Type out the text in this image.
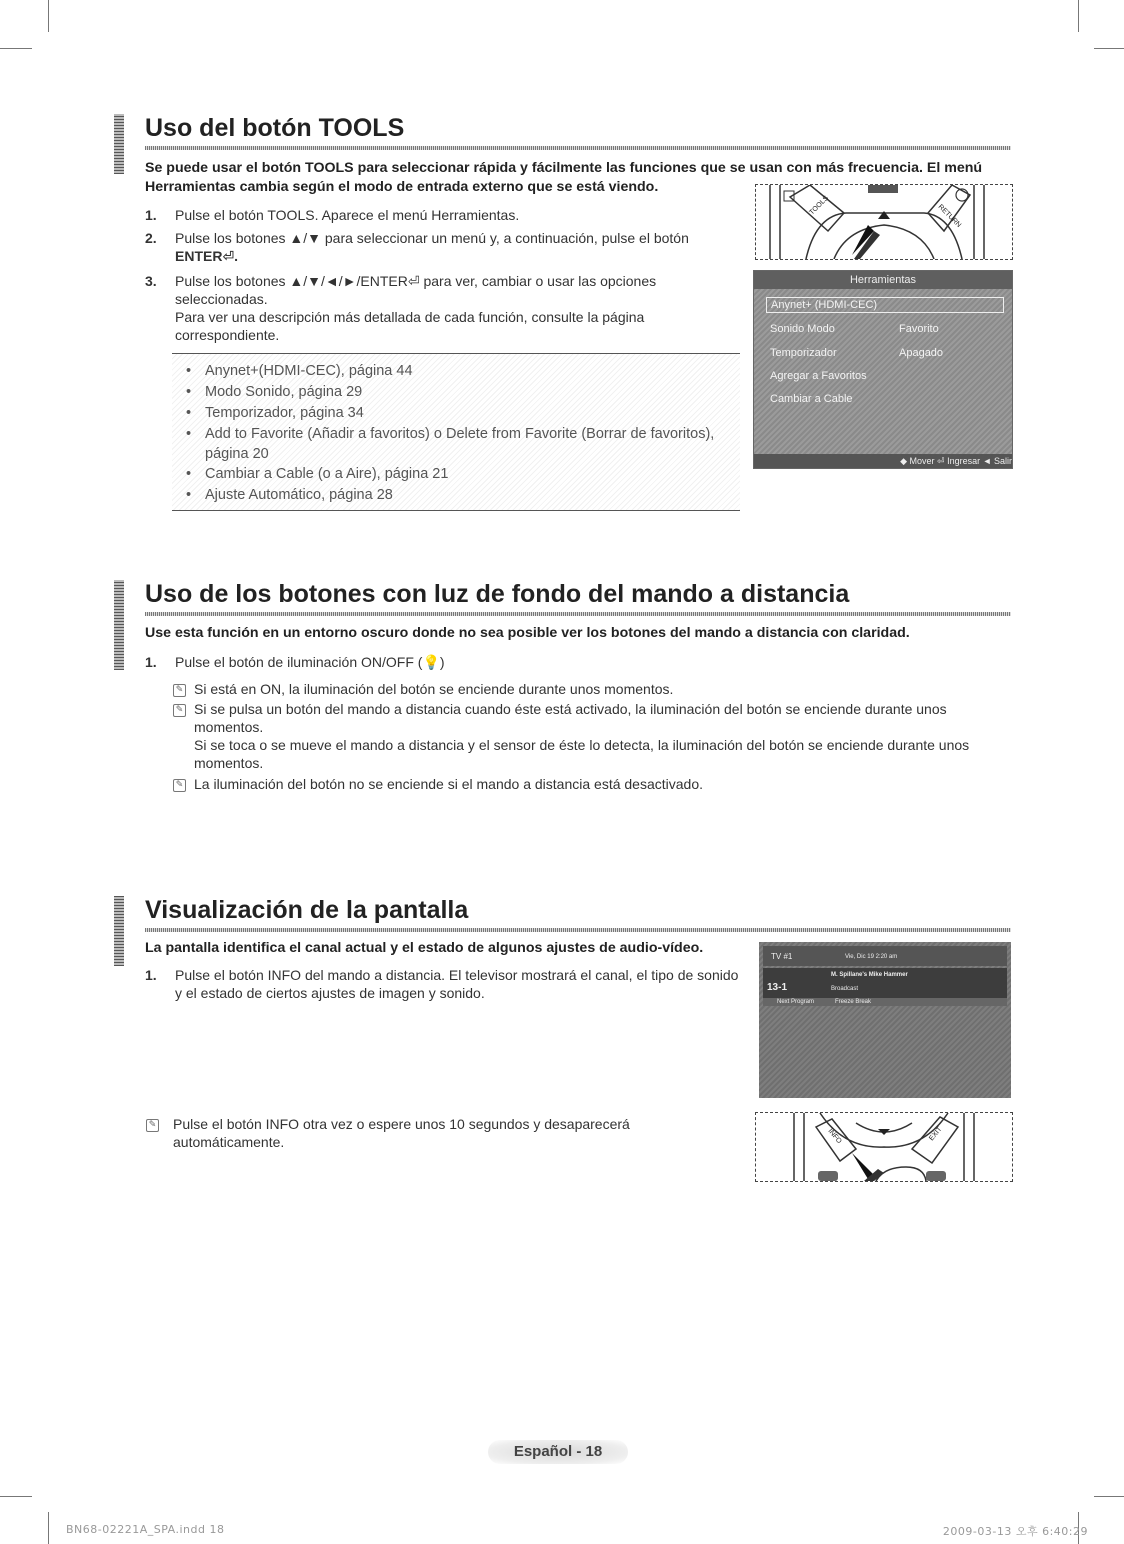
Uso del botón TOOLS
Se puede usar el botón TOOLS para seleccionar rápida y fácilmente las funciones que se usan con más frecuencia. El menú
Herramientas cambia según el modo de entrada externo que se está viendo.
1. Pulse el botón TOOLS. Aparece el menú Herramientas.
2. Pulse los botones ▲/▼ para seleccionar un menú y, a continuación, pulse el botón
ENTER⏎.
3. Pulse los botones ▲/▼/◄/►/ENTER⏎ para ver, cambiar o usar las opciones
seleccionadas.
Para ver una descripción más detallada de cada función, consulte la página
correspondiente.
• Anynet+(HDMI-CEC), página 44
• Modo Sonido, página 29
• Temporizador, página 34
• Add to Favorite (Añadir a favoritos) o Delete from Favorite (Borrar de favoritos), página 20
• Cambiar a Cable (o a Aire), página 21
• Ajuste Automático, página 28
TOOLS	RETURN
Herramientas
Anynet+ (HDMI-CEC)
Sonido Modo	Favorito
Temporizador	Apagado
Agregar a Favoritos
Cambiar a Cable
◆ Mover ⏎ Ingresar ◄ Salir
Uso de los botones con luz de fondo del mando a distancia
Use esta función en un entorno oscuro donde no sea posible ver los botones del mando a distancia con claridad.
1. Pulse el botón de iluminación ON/OFF (💡)
✎ Si está en ON, la iluminación del botón se enciende durante unos momentos.
✎ Si se pulsa un botón del mando a distancia cuando éste está activado, la iluminación del botón se enciende durante unos
momentos.
Si se toca o se mueve el mando a distancia y el sensor de éste lo detecta, la iluminación del botón se enciende durante unos
momentos.
✎ La iluminación del botón no se enciende si el mando a distancia está desactivado.
Visualización de la pantalla
La pantalla identifica el canal actual y el estado de algunos ajustes de audio-vídeo.
1. Pulse el botón INFO del mando a distancia. El televisor mostrará el canal, el tipo de sonido
y el estado de ciertos ajustes de imagen y sonido.
✎ Pulse el botón INFO otra vez o espere unos 10 segundos y desaparecerá
automáticamente.
TV #1	Vie, Dic 19 2:20 am
M. Spillane's Mike Hammer
13-1	Broadcast
Next Program	Freeze Break
INFO	EXIT
Español - 18
BN68-02221A_SPA.indd 18	2009-03-13 오후 6:40:29
